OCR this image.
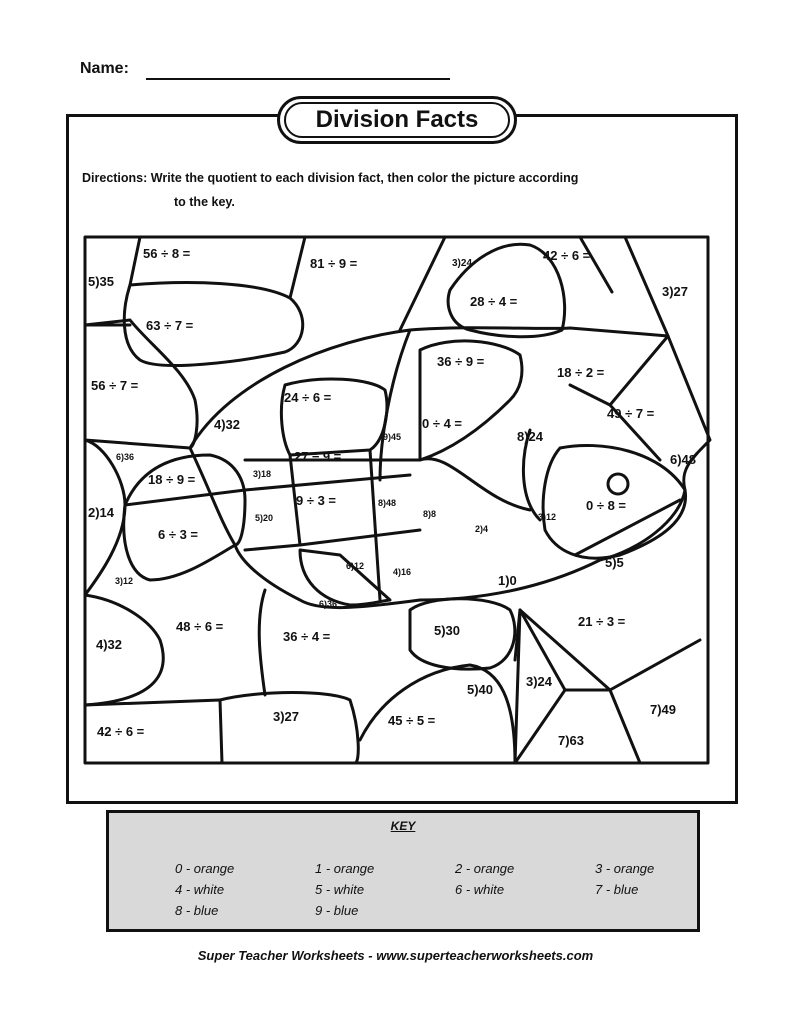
Name:
Division Facts
Directions: Write the quotient to each division fact, then color the picture according
to the key.
56 ÷ 8 =
5)35
81 ÷ 9 =	3)24
42 ÷ 6 =
3)27
28 ÷ 4 =
63 ÷ 7 =
36 ÷ 9 =
18 ÷ 2 =
56 ÷ 7 =
24 ÷ 6 =
49 ÷ 7 =
4)32
9)45
0 ÷ 4 =
8)24
6)36	27 ÷ 9 =	6)48
3)18
18 ÷ 9 =
9 ÷ 3 =	8)48	0 ÷ 8 =
2)14	5)20	8)8
2)4
3)12
6 ÷ 3 =
6)12	5)5
4)16
3)12
6)36
1)0
48 ÷ 6 =	21 ÷ 3 =
36 ÷ 4 =	5)30
4)32
3)24
5)40
7)49
3)27	45 ÷ 5 =
42 ÷ 6 =
7)63
KEY
0 - orange	1 - orange	2 - orange	3 - orange
4 - white	5 - white	6 - white	7 - blue
8 - blue	9 - blue
Super Teacher Worksheets - www.superteacherworksheets.com
